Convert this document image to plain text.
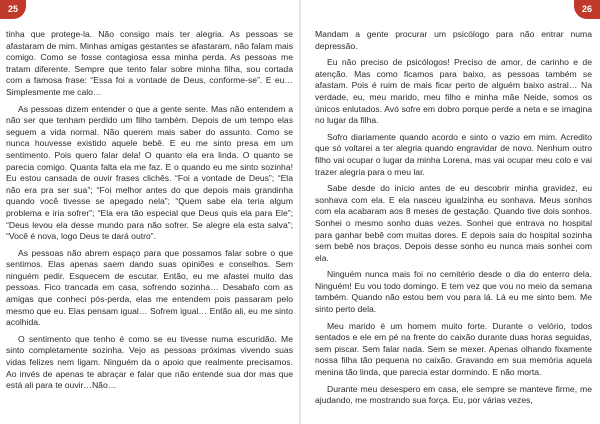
25

tinha que protege-la. Não consigo mais ter alegria. As pessoas se afastaram de mim. Minhas amigas gestantes se afastaram, não falam mais comigo. Como se fosse contagiosa essa minha perda. As pessoas me tratam diferente. Sempre que tento falar sobre minha filha, sou cortada com a famosa frase: “Essa foi a vontade de Deus, conforme-se”. E eu… Simplesmente me calo…

As pessoas dizem entender o que a gente sente. Mas não entendem a não ser que tenham perdido um filho também. Depois de um tempo elas seguem a vida normal. Não querem mais saber do assunto. Como se nunca houvesse existido aquele bebê. E eu me sinto presa em um sentimento. Pois quero falar dela! O quanto ela era linda. O quanto se parecia comigo. Quanta falta ela me faz. E o quando eu me sinto sozinha! Eu estou cansada de ouvir frases clichês. “Foi a vontade de Deus”; “Ela não era pra ser sua”; “Foi melhor antes do que depois mais grandinha quando você tivesse se apegado nela”; “Quem sabe ela teria algum problema e iria sofrer”; “Ela era tão especial que Deus quis ela para Ele”; “Deus levou ela desse mundo para não sofrer. Se alegre ela esta salva”; “Você é nova, logo Deus te dará outro”.

As pessoas não abrem espaço para que possamos falar sobre o que sentimos. Elas apenas saem dando suas opiniões e conselhos. Sem ninguém pedir. Esquecem de escutar. Então, eu me afastei muito das pessoas. Fico trancada em casa, sofrendo sozinha… Desabafo com as amigas que conheci pós-perda, elas me entendem pois passaram pelo mesmo que eu. Elas pensam igual… Sofrem igual… Então ali, eu me sinto acolhida.

O sentimento que tenho é como se eu tivesse numa escuridão. Me sinto completamente sozinha. Vejo as pessoas próximas vivendo suas vidas felizes nem ligam. Ninguém da o apoio que realmente precisamos. Ao invés de apenas te abraçar e falar que não entende sua dor mas que está ali para te ouvir…Não…

26

Mandam a gente procurar um psicólogo para não entrar numa depressão.

Eu não preciso de psicólogos! Preciso de amor, de carinho e de atenção. Mas como ficamos para baixo, as pessoas também se afastam. Pois é ruim de mais ficar perto de alguém baixo astral… Na verdade, eu, meu marido, meu filho e minha mãe Neide, somos os únicos enlutados. Avó sofre em dobro porque perde a neta e se imagina no lugar da filha.

Sofro diariamente quando acordo e sinto o vazio em mim. Acredito que só voltarei a ter alegria quando engravidar de novo. Nenhum outro filho vai ocupar o lugar da minha Lorena, mas vai ocupar meu colo e vai trazer alegria para o meu lar.

Sabe desde do início antes de eu descobrir minha gravidez, eu sonhava com ela. E ela nasceu igualzinha eu sonhava. Meus sonhos com ela acabaram aos 8 meses de gestação. Quando tive dois sonhos. Sonhei o mesmo sonho duas vezes. Sonhei que entrava no hospital para ganhar bebê com muitas dores. E depois saia do hospital sozinha sem bebê nos braços. Depois desse sonho eu nunca mais sonhei com ela.

Ninguém nunca mais foi no cemitério desde o dia do enterro dela. Ninguém! Eu vou todo domingo. E tem vez que vou no meio da semana também. Quando não estou bem vou para lá. Lá eu me sinto bem. Me sinto perto dela.

Meu marido é um homem muito forte. Durante o velório, todos sentados e ele em pé na frente do caixão durante duas horas seguidas, sem piscar. Sem falar nada. Sem se mexer. Apenas olhando fixamente nossa filha tão pequena no caixão. Gravando em sua memória aquela menina tão linda, que parecia estar dormindo. E não morta.

Durante meu desespero em casa, ele sempre se manteve firme, me ajudando, me mostrando sua força. Eu, por várias vezes,
